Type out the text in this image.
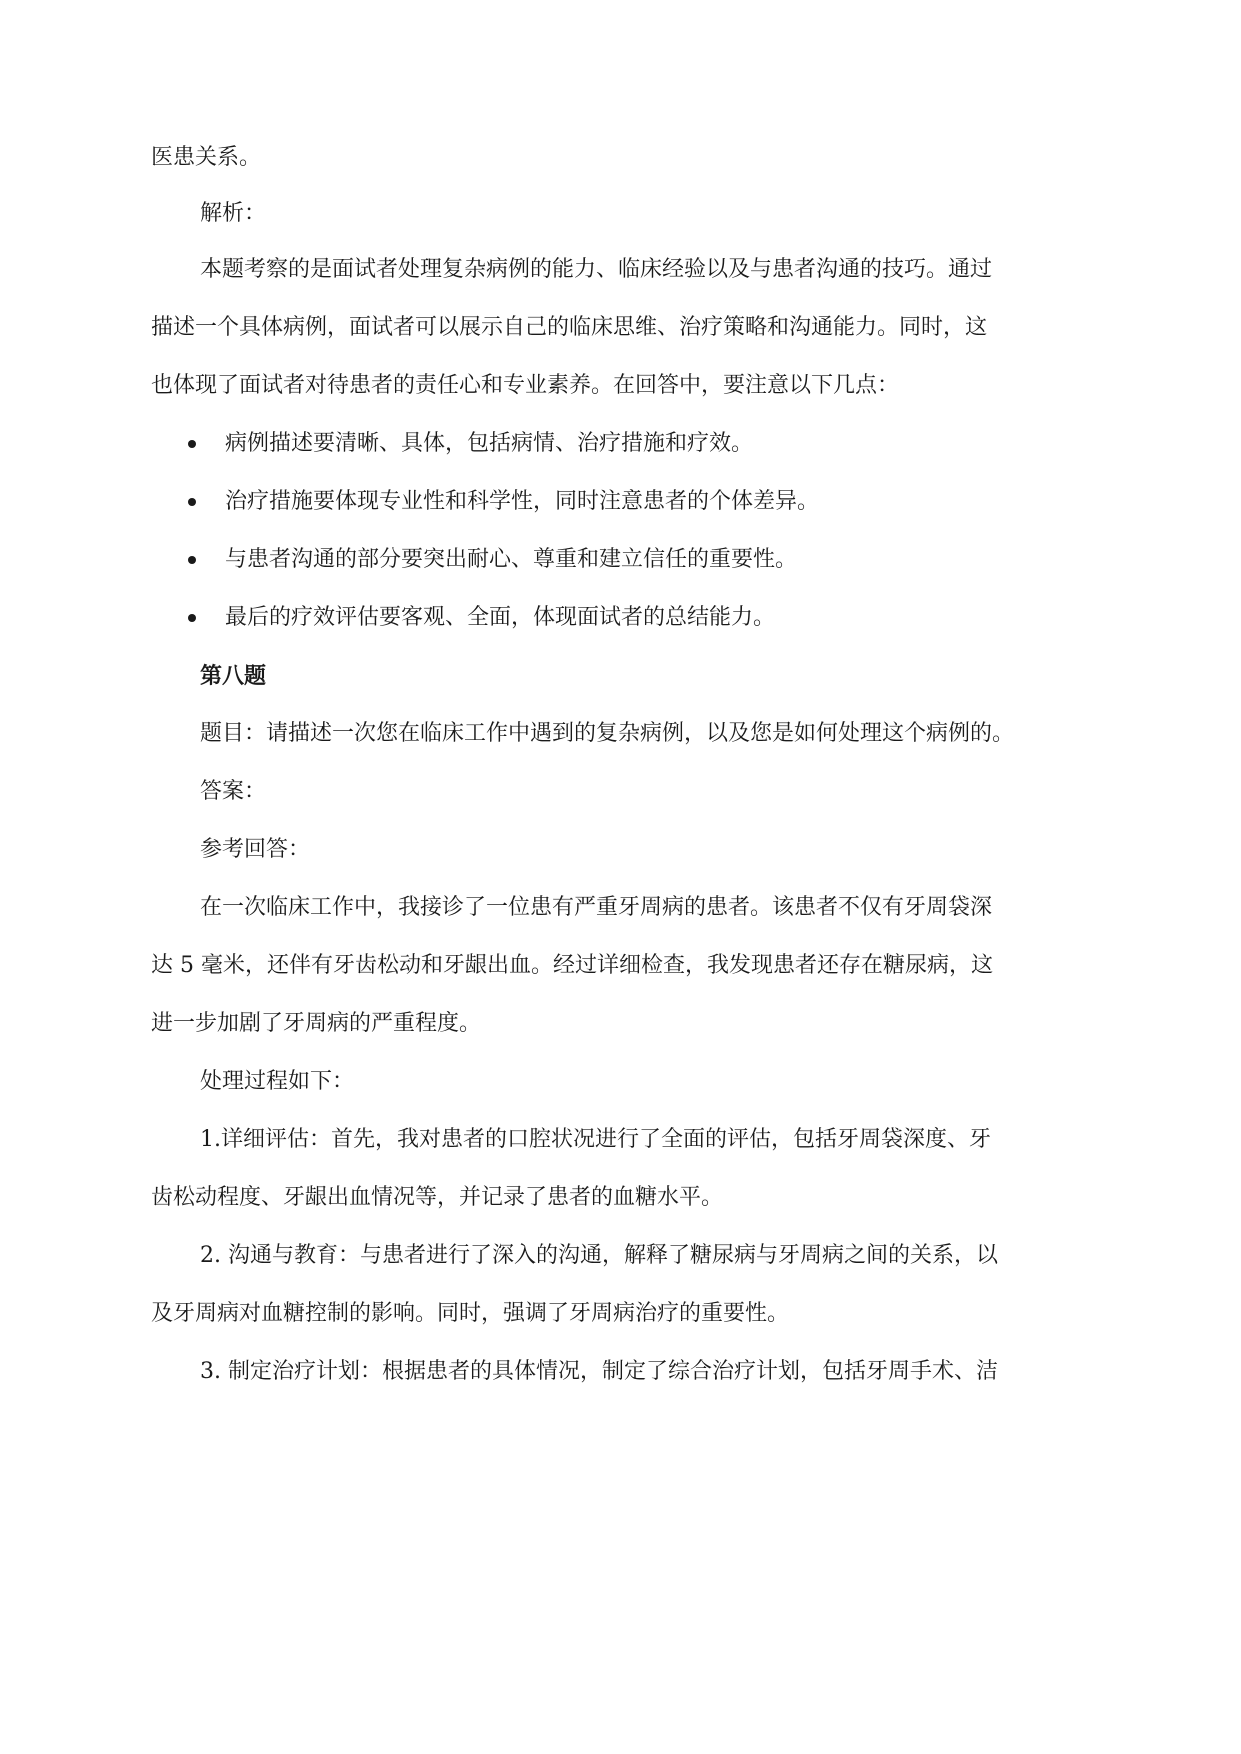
医患关系。

解析：

本题考察的是面试者处理复杂病例的能力、临床经验以及与患者沟通的技巧。通过

描述一个具体病例，面试者可以展示自己的临床思维、治疗策略和沟通能力。同时，这

也体现了面试者对待患者的责任心和专业素养。在回答中，要注意以下几点：

病例描述要清晰、具体，包括病情、治疗措施和疗效。
治疗措施要体现专业性和科学性，同时注意患者的个体差异。
与患者沟通的部分要突出耐心、尊重和建立信任的重要性。
最后的疗效评估要客观、全面，体现面试者的总结能力。

第八题

题目：请描述一次您在临床工作中遇到的复杂病例，以及您是如何处理这个病例的。

答案：

参考回答：

在一次临床工作中，我接诊了一位患有严重牙周病的患者。该患者不仅有牙周袋深

达 5 毫米，还伴有牙齿松动和牙龈出血。经过详细检查，我发现患者还存在糖尿病，这

进一步加剧了牙周病的严重程度。

处理过程如下：

1.详细评估：首先，我对患者的口腔状况进行了全面的评估，包括牙周袋深度、牙

齿松动程度、牙龈出血情况等，并记录了患者的血糖水平。

2. 沟通与教育：与患者进行了深入的沟通，解释了糖尿病与牙周病之间的关系，以

及牙周病对血糖控制的影响。同时，强调了牙周病治疗的重要性。

3. 制定治疗计划：根据患者的具体情况，制定了综合治疗计划，包括牙周手术、洁
